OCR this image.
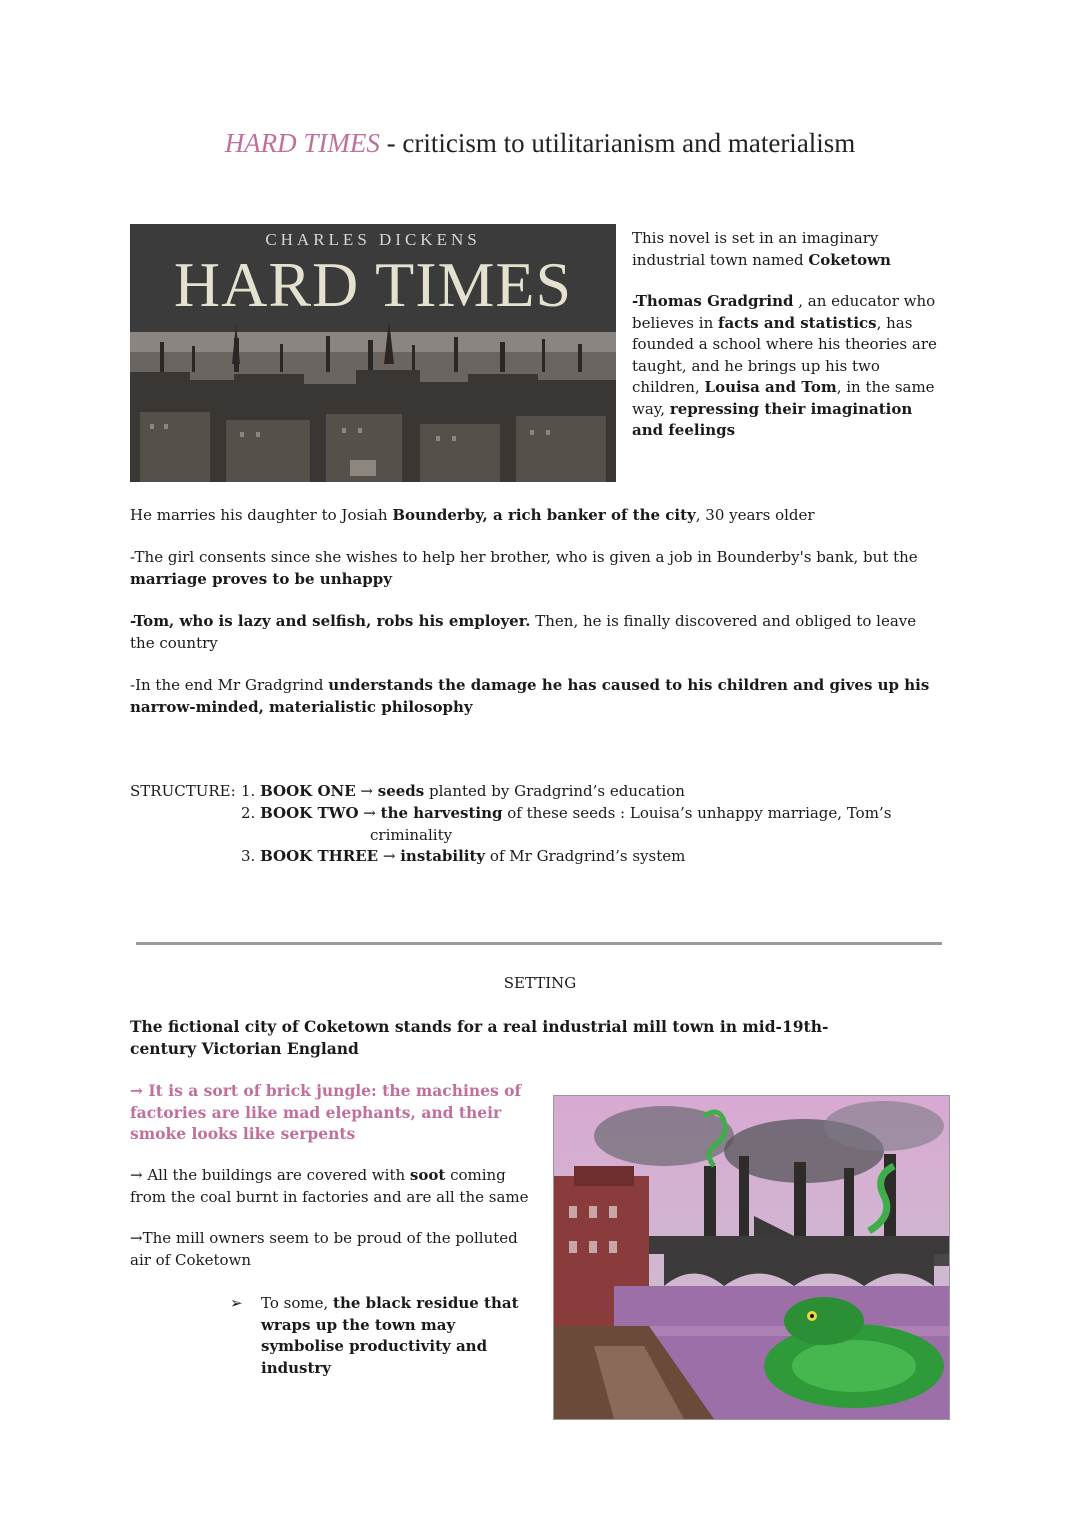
HARD TIMES - criticism to utilitarianism and materialism
CHARLES DICKENS
HARD TIMES
This novel is set in an imaginary industrial town named Coketown
-Thomas Gradgrind , an educator who believes in facts and statistics, has founded a school where his theories are taught, and he brings up his two children, Louisa and Tom, in the same way, repressing their imagination and feelings
He marries his daughter to Josiah Bounderby, a rich banker of the city, 30 years older
-The girl consents since she wishes to help her brother, who is given a job in Bounderby's bank, but the marriage proves to be unhappy
-Tom, who is lazy and selfish, robs his employer. Then, he is finally discovered and obliged to leave the country
-In the end Mr Gradgrind understands the damage he has caused to his children and gives up his narrow-minded, materialistic philosophy
STRUCTURE: 1. BOOK ONE → seeds planted by Gradgrind’s education
2. BOOK TWO → the harvesting of these seeds : Louisa’s unhappy marriage, Tom’s
criminality
3. BOOK THREE → instability of Mr Gradgrind’s system
SETTING
The fictional city of Coketown stands for a real industrial mill town in mid-19th-century Victorian England
→ It is a sort of brick jungle: the machines of factories are like mad elephants, and their smoke looks like serpents
→ All the buildings are covered with soot coming from the coal burnt in factories and are all the same
→The mill owners seem to be proud of the polluted air of Coketown
➢ To some, the black residue that wraps up the town may symbolise productivity and industry
